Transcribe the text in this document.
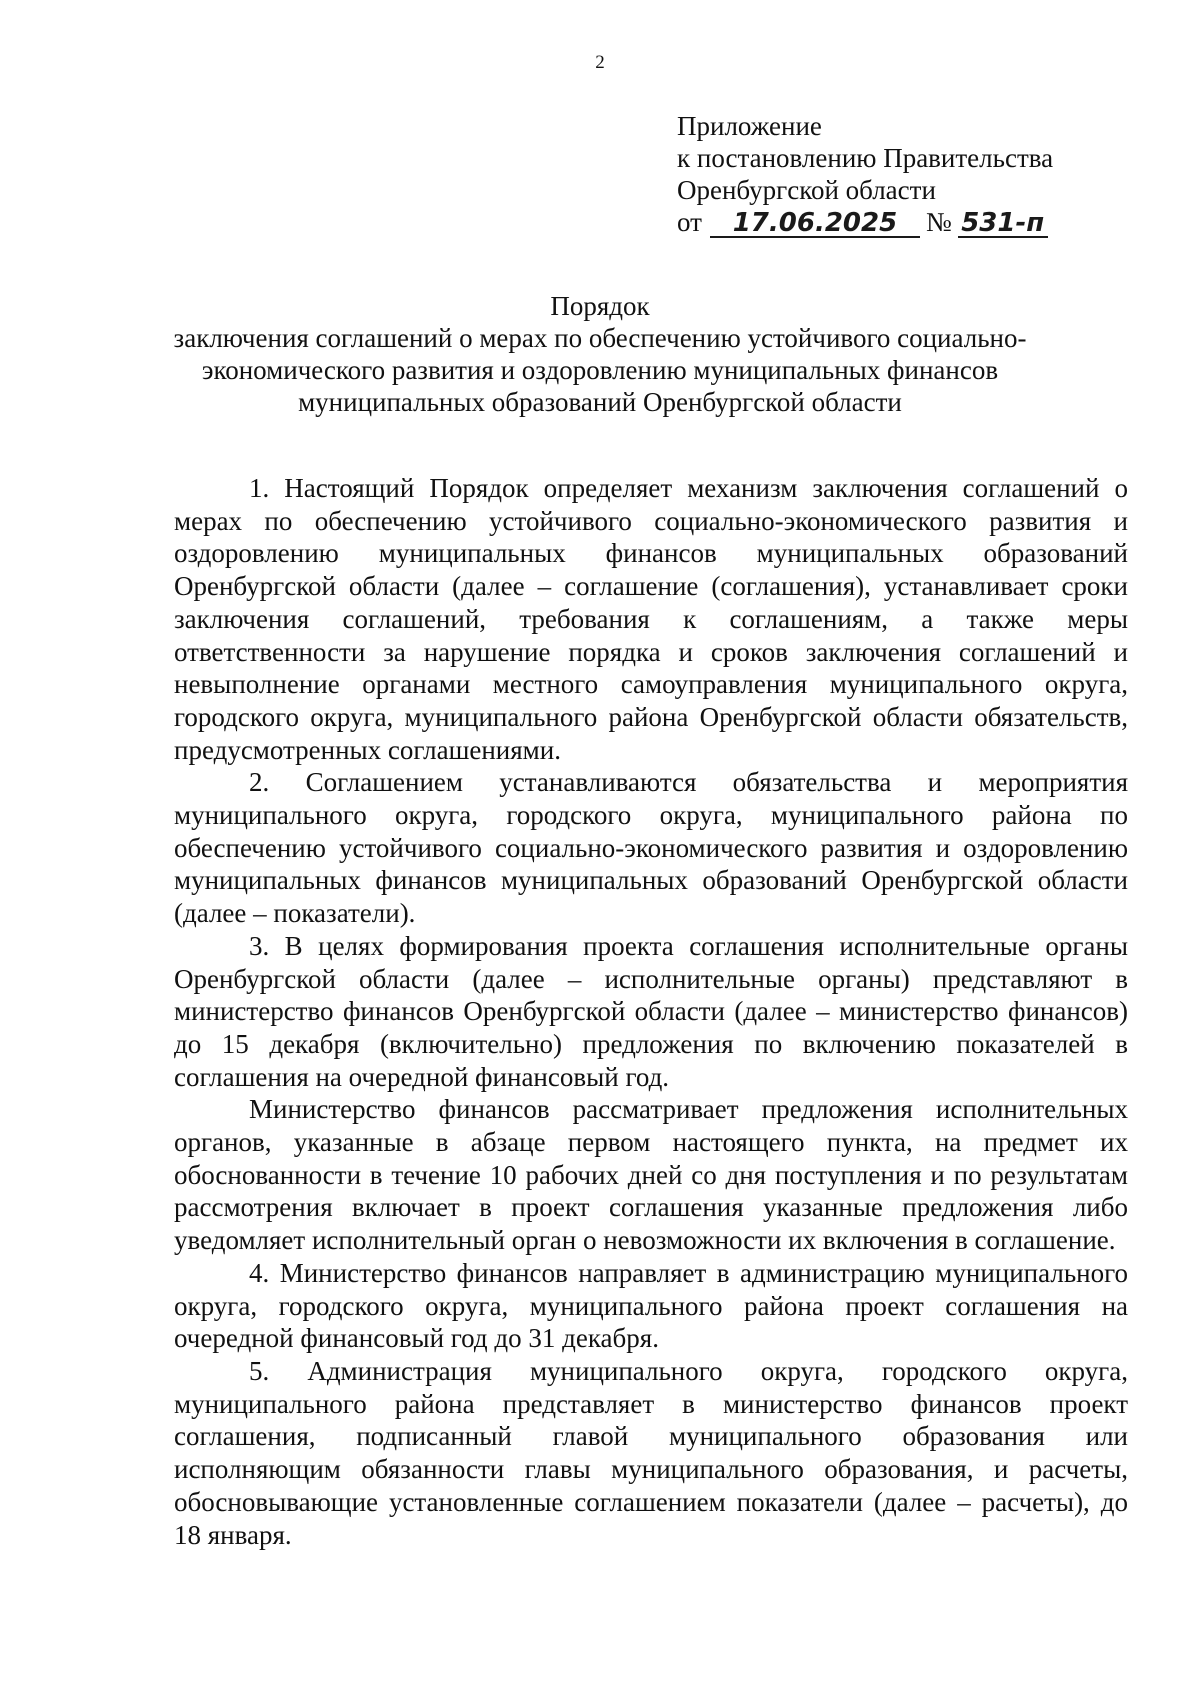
2
Приложение
к постановлению Правительства
Оренбургской области
от 17.06.2025 № 531-п
Порядок
заключения соглашений о мерах по обеспечению устойчивого социально-
экономического развития и оздоровлению муниципальных финансов
муниципальных образований Оренбургской области

1. Настоящий Порядок определяет механизм заключения соглашений о мерах по обеспечению устойчивого социально-экономического развития и оздоровлению муниципальных финансов муниципальных образований Оренбургской области (далее – соглашение (соглашения), устанавливает сроки заключения соглашений, требования к соглашениям, а также меры ответственности за нарушение порядка и сроков заключения соглашений и невыполнение органами местного самоуправления муниципального округа, городского округа, муниципального района Оренбургской области обязательств, предусмотренных соглашениями.

2. Соглашением устанавливаются обязательства и мероприятия муниципального округа, городского округа, муниципального района по обеспечению устойчивого социально-экономического развития и оздоровлению муниципальных финансов муниципальных образований Оренбургской области (далее – показатели).

3. В целях формирования проекта соглашения исполнительные органы Оренбургской области (далее – исполнительные органы) представляют в министерство финансов Оренбургской области (далее – министерство финансов) до 15 декабря (включительно) предложения по включению показателей в соглашения на очередной финансовый год.

Министерство финансов рассматривает предложения исполнительных органов, указанные в абзаце первом настоящего пункта, на предмет их обоснованности в течение 10 рабочих дней со дня поступления и по результатам рассмотрения включает в проект соглашения указанные предложения либо уведомляет исполнительный орган о невозможности их включения в соглашение.

4. Министерство финансов направляет в администрацию муниципального округа, городского округа, муниципального района проект соглашения на очередной финансовый год до 31 декабря.

5. Администрация муниципального округа, городского округа, муниципального района представляет в министерство финансов проект соглашения, подписанный главой муниципального образования или исполняющим обязанности главы муниципального образования, и расчеты, обосновывающие установленные соглашением показатели (далее – расчеты), до 18 января.
